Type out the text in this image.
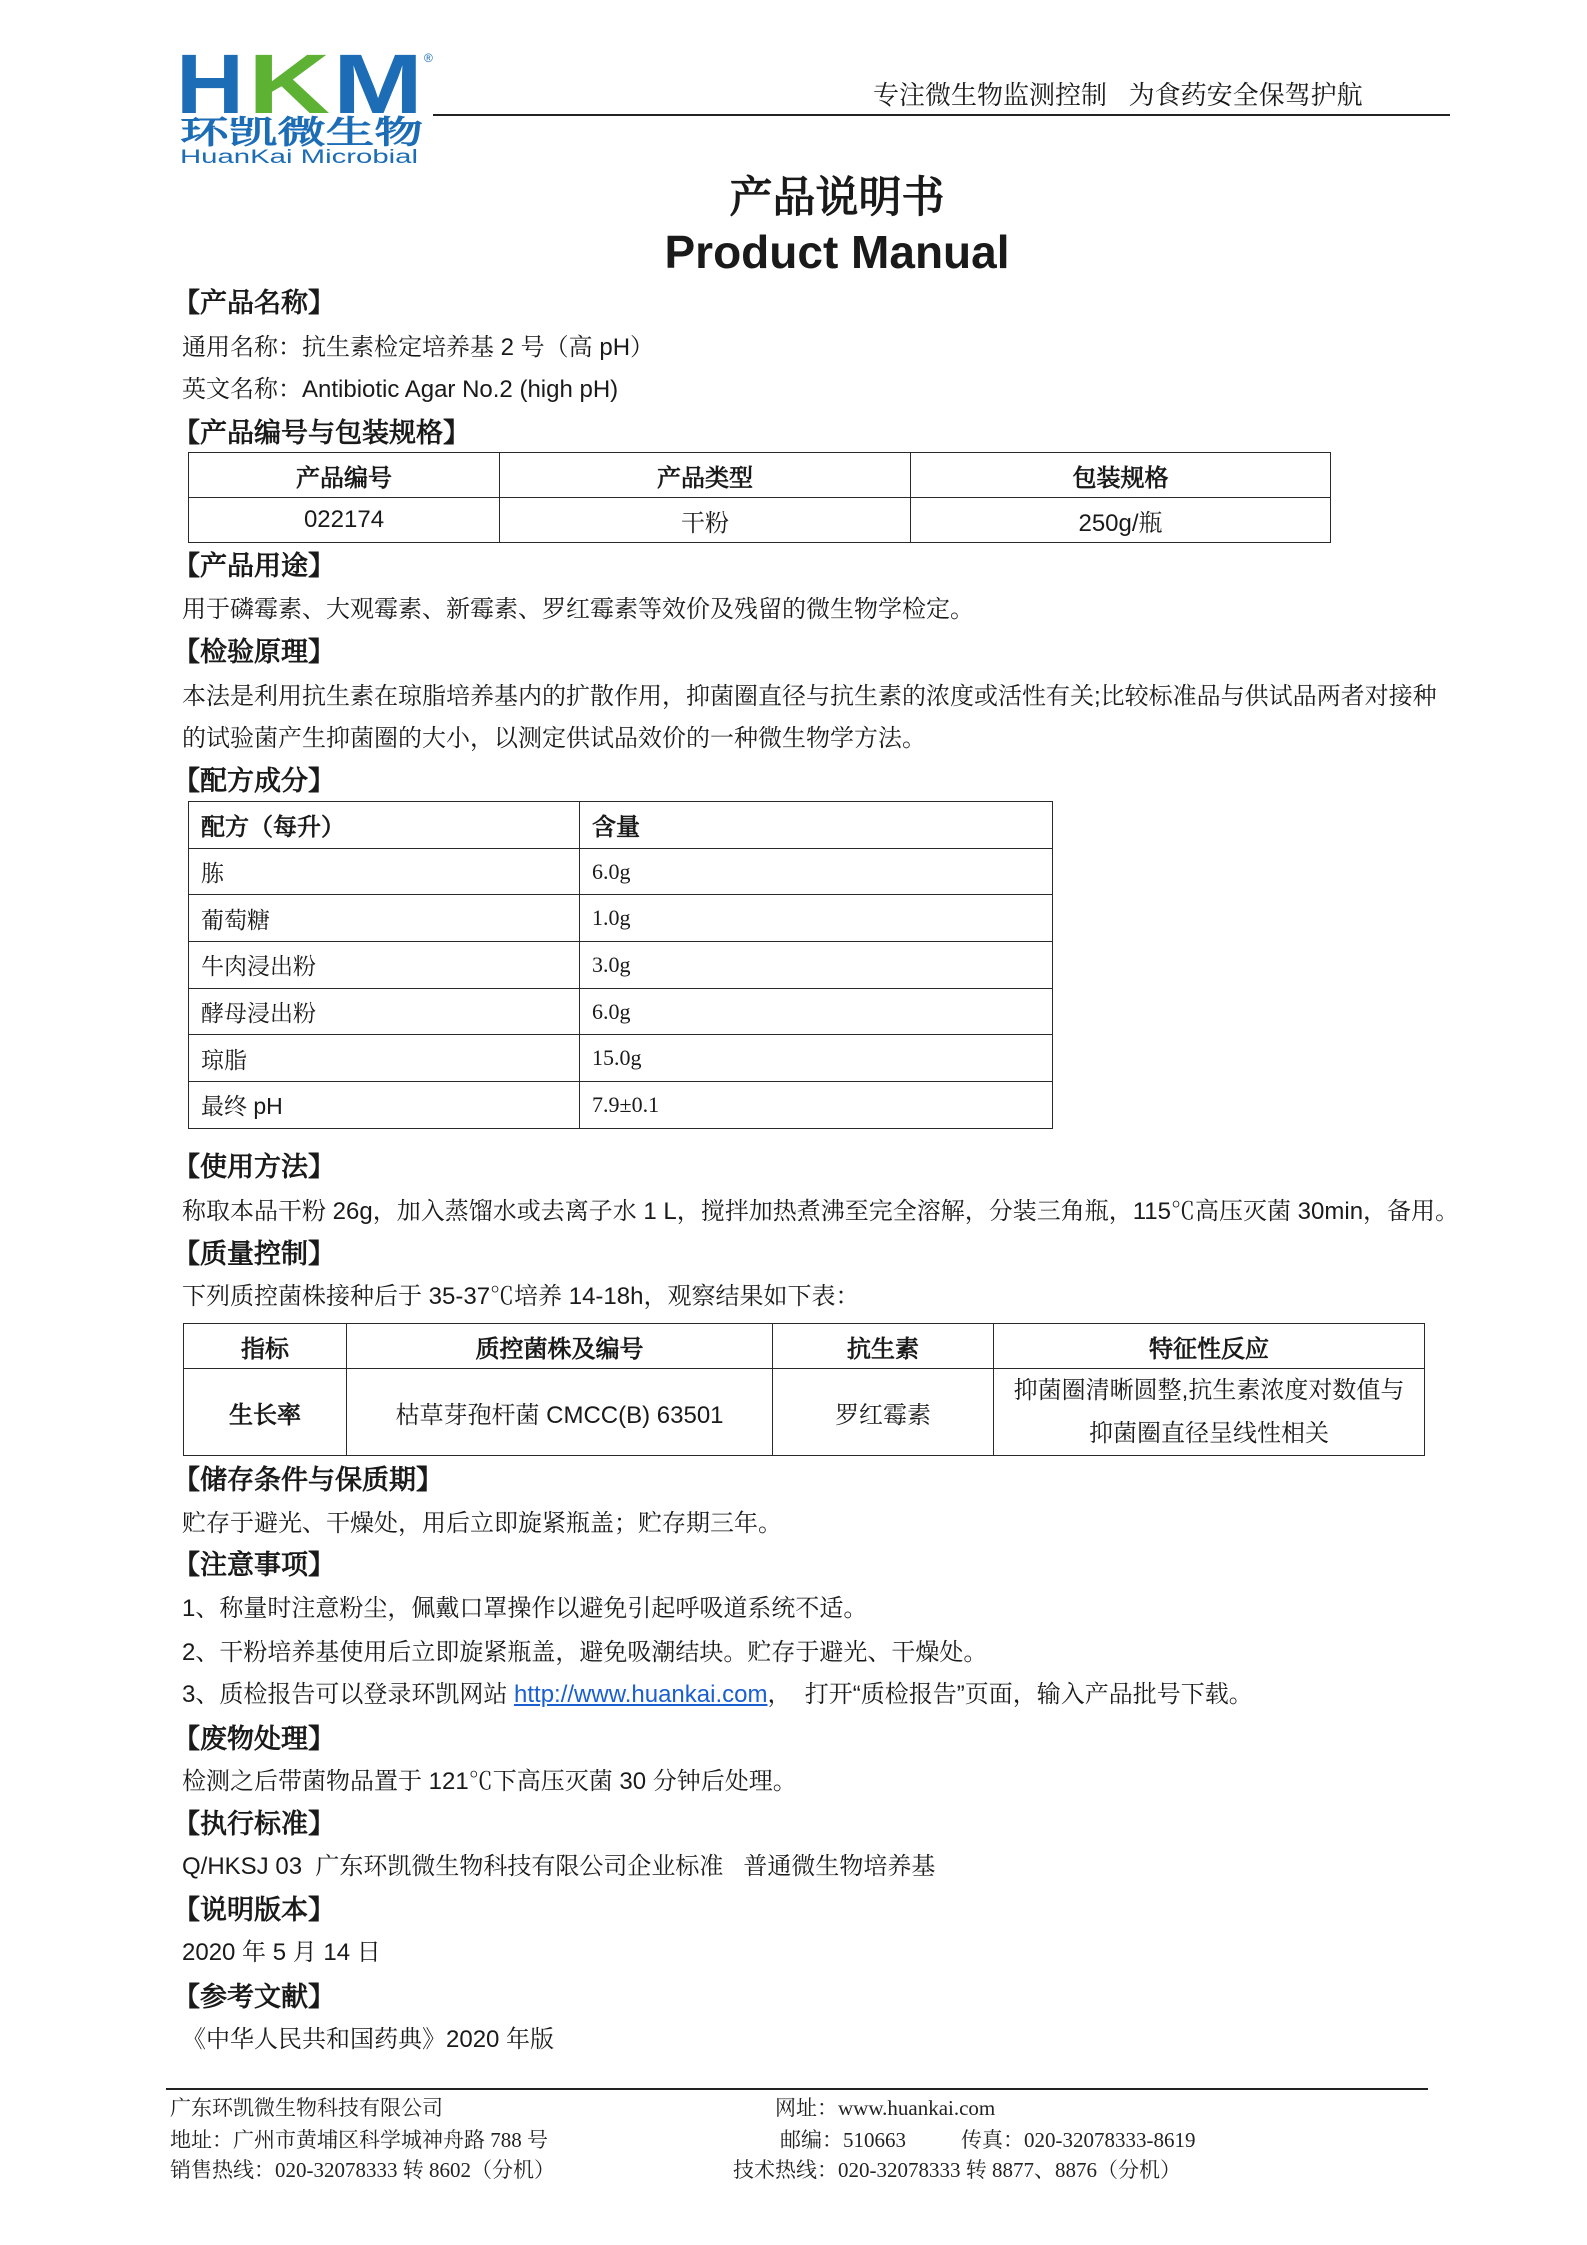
H K M ®
环凯微生物
HuanKai Microbial
专注微生物监测控制   为食药安全保驾护航
产品说明书
Product Manual
【产品名称】
通用名称：抗生素检定培养基 2 号（高 pH）
英文名称：Antibiotic Agar No.2 (high pH)
【产品编号与包装规格】
产品编号	产品类型	包装规格
022174	干粉	250g/瓶
【产品用途】
用于磷霉素、大观霉素、新霉素、罗红霉素等效价及残留的微生物学检定。
【检验原理】
本法是利用抗生素在琼脂培养基内的扩散作用，抑菌圈直径与抗生素的浓度或活性有关;比较标准品与供试品两者对接种
的试验菌产生抑菌圈的大小，以测定供试品效价的一种微生物学方法。
【配方成分】
配方（每升）	含量
胨	6.0g
葡萄糖	1.0g
牛肉浸出粉	3.0g
酵母浸出粉	6.0g
琼脂	15.0g
最终 pH	7.9±0.1
【使用方法】
称取本品干粉 26g，加入蒸馏水或去离子水 1 L，搅拌加热煮沸至完全溶解，分装三角瓶，115℃高压灭菌 30min，备用。
【质量控制】
下列质控菌株接种后于 35-37℃培养 14-18h，观察结果如下表：
指标	质控菌株及编号	抗生素	特征性反应
生长率	枯草芽孢杆菌 CMCC(B) 63501	罗红霉素	抑菌圈清晰圆整,抗生素浓度对数值与
抑菌圈直径呈线性相关
【储存条件与保质期】
贮存于避光、干燥处，用后立即旋紧瓶盖；贮存期三年。
【注意事项】
1、称量时注意粉尘，佩戴口罩操作以避免引起呼吸道系统不适。
2、干粉培养基使用后立即旋紧瓶盖，避免吸潮结块。贮存于避光、干燥处。
3、质检报告可以登录环凯网站 http://www.huankai.com，  打开“质检报告”页面，输入产品批号下载。
【废物处理】
检测之后带菌物品置于 121℃下高压灭菌 30 分钟后处理。
【执行标准】
Q/HKSJ 03  广东环凯微生物科技有限公司企业标准   普通微生物培养基
【说明版本】
2020 年 5 月 14 日
【参考文献】
《中华人民共和国药典》2020 年版
广东环凯微生物科技有限公司	网址：www.huankai.com
地址：广州市黄埔区科学城神舟路 788 号	邮编：510663	传真：020-32078333-8619
销售热线：020-32078333 转 8602（分机）	技术热线：020-32078333 转 8877、8876（分机）
